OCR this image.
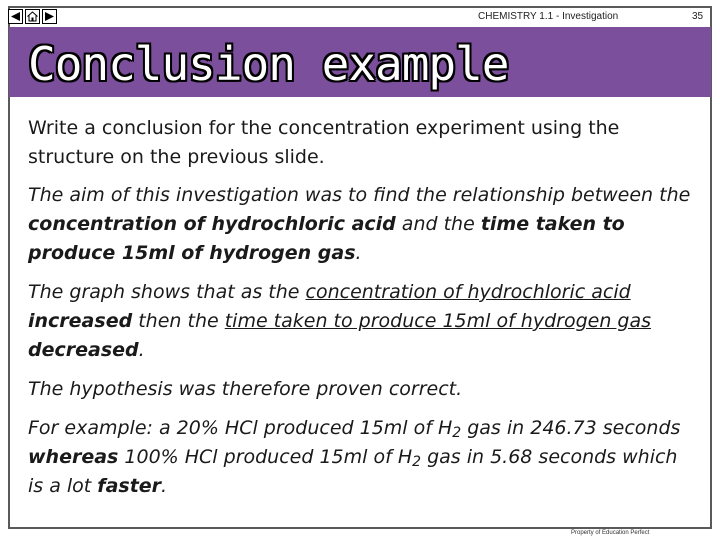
CHEMISTRY 1.1 - Investigation	35
Conclusion example

Write a conclusion for the concentration experiment using the structure on the previous slide.

The aim of this investigation was to find the relationship between the concentration of hydrochloric acid and the time taken to produce 15ml of hydrogen gas.

The graph shows that as the concentration of hydrochloric acid increased then the time taken to produce 15ml of hydrogen gas decreased.

The hypothesis was therefore proven correct.

For example: a 20% HCl produced 15ml of $H_2$ gas in 246.73 seconds whereas 100% HCl produced 15ml of $H_2$ gas in 5.68 seconds which is a lot faster.

Property of Education Perfect
